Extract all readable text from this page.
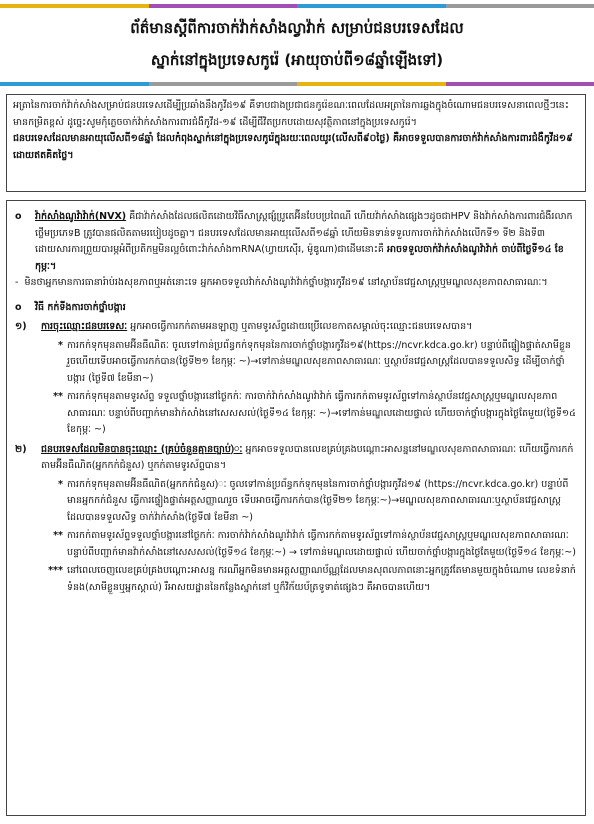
ព័ត៌មានស្តីពីការចាក់វ៉ាក់សាំងល្វាវ៉ាក់ សម្រាប់ជនបរទេសដែល
ស្នាក់នៅក្នុងប្រទេសកូរ៉េ (អាយុចាប់ពី១៨ឆ្នាំឡើងទៅ)
អត្រានៃការចាក់វ៉ាក់សាំងសម្រាប់ជនបរទេសដើម្បីប្រឆាំងនឹងកូវីដ១៩ គឺទាបជាងប្រជាជនកូរ៉េខណៈពេលដែលអត្រានៃការឆ្លងក្នុងចំណោមជនបរទេសនាពេលថ្មីៗនេះមានកម្រិតខ្ពស់ ដូច្នេះសូមកុំភ្លេចចាក់វ៉ាក់សាំងការពារជំងឺកូវីដ-១៩ ដើម្បីជីវិតប្រកបដោយសុវត្ថិភាពនៅក្នុងប្រទេសកូរ៉េ។
ជនបរទេសដែលមានអាយុលើសពី១៨ឆ្នាំ ដែលកំពុងស្នាក់នៅក្នុងប្រទេសកូរ៉េក្នុងរយៈពេលយូរ(លើសពី៩០ថ្ងៃ) គឺអាចទទួលបានការចាក់វ៉ាក់សាំងការពារជំងឺកូវីដ១៩ ដោយឥតគិតថ្លៃ។
o	វ៉ាក់សាំងណូវ៉ាវ៉ាក់(NVX) គឺជាវ៉ាក់សាំងដែលផលិតដោយវិធីសាស្ត្រផ្សំប្រូតេអ៊ីនបែបប្រពៃណី ហើយវ៉ាក់សាំងផ្សេងៗដូចជាHPV និងវ៉ាក់សាំងការពារជំងឺរលាកថ្លើមប្រភេទB ត្រូវបានផលិតតាមរបៀបដូចគ្នា។ ជនបរទេសដែលមានអាយុលើសពី១៨ឆ្នាំ ហើយមិនទាន់ទទួលការចាក់វ៉ាក់សាំងលើកទី១ ទី២ និងទី៣ ដោយសារការព្រួយបារម្ភអំពីប្រតិកម្មមិនល្អចំពោះវ៉ាក់សាំងmRNA(ហ្វាយស៊ើរ, ម៉ូឌូណា)ជាដើមនោះគឺ អាចទទួលចាក់វ៉ាក់សាំងណូវ៉ាវ៉ាក់ ចាប់ពីថ្ងៃទី១៤ ខែកុម្ភៈ។
- មិនថាអ្នកមានការធានារ៉ាប់រងសុខភាពឬអត់នោះទេ អ្នកអាចទទួលវ៉ាក់សាំងណូវ៉ាវ៉ាក់ថ្នាំបង្ការកូវីដ១៩ នៅស្ថាប័នវេជ្ជសាស្ត្រឬមណ្ឌលសុខភាពសាធារណៈ។
o	វិធី កក់ទីងការចាក់ថ្នាំបង្ការ
១)	ការចុះឈ្មោះជនបរទេសៈ អ្នកអាចធ្វើការកក់តាមអនឡាញ ឬតាមទូរស័ព្ទដោយប្រើលេខកាតសម្គាល់ចុះឈ្មោះជនបរទេសបាន។
* ការកក់ទុកមុនតាមអ៊ីនធឺណិតៈ ចូលទៅកាន់ប្រព័ន្ធកក់ទុកមុននៃការចាក់ថ្នាំបង្ការកូវីដ១៩(https://ncvr.kdca.go.kr) បន្ទាប់ពីផ្ទៀងផ្ទាត់សាមីខ្លួនរួចហើយទើបអាចធ្វើការកក់បាន(ថ្ងៃទី២១ ខែកុម្ភៈ ~)→ទៅកាន់មណ្ឌលសុខភាពសាធារណៈ ឬស្ថាប័នវេជ្ជសាស្ត្រដែលបានទទួលសិទ្ធ ដើម្បីចាក់ថ្នាំបង្ការ (ថ្ងៃទី៧ ខែមីនា~)
** ការកក់ទុកមុនតាមទូរស័ព្ទ ទទួលថ្នាំបង្ការនៅថ្ងៃកក់ៈ ការចាក់វ៉ាក់សាំងណូវ៉ាវ៉ាក់ ធ្វើការកក់តាមទូរស័ព្ទទៅកាន់ស្ថាប័នវេជ្ជសាស្ត្រឬមណ្ឌលសុខភាពសាធារណៈ បន្ទាប់ពីបញ្ជាក់មានវ៉ាក់សាំងនៅសេសសល់(ថ្ងៃទី១៤ ខែកុម្ភៈ ~)→ទៅកាន់មណ្ឌលដោយផ្ទាល់ ហើយចាក់ថ្នាំបង្ការក្នុងថ្ងៃតែមួយ(ថ្ងៃទី១៤ ខែកុម្ភៈ ~)
២)	ជនបរទេសដែលមិនបានចុះឈ្មោះ (គ្រប់ចំនួនគ្មានច្បាប់)ៈ អ្នកអាចទទួលបានលេខគ្រប់គ្រងបណ្តោះអាសន្ននៅមណ្ឌលសុខភាពសាធារណៈ ហើយធ្វើការកក់តាមអ៊ីនធឺណិត(អ្នកកក់ជំនួស) ឬកក់តាមទូរស័ព្ទបាន។
* ការកក់ទុកមុនតាមអ៊ីនធឺណិត(អ្នកកក់ជំនួស)ៈ ចូលទៅកាន់ប្រព័ន្ធកក់ទុកមុននៃការចាក់ថ្នាំបង្ការកូវីដ១៩ (https://ncvr.kdca.go.kr) បន្ទាប់ពីមានអ្នកកក់ជំនួស ធ្វើការផ្ទៀងផ្ទាត់អត្តសញ្ញាណរួច ទើបអាចធ្វើការកក់បាន(ថ្ងៃទី២១ ខែកុម្ភៈ~)→មណ្ឌលសុខភាពសាធារណៈឬស្ថាប័នវេជ្ជសាស្ត្រដែលបានទទួលសិទ្ធ ចាក់វ៉ាក់សាំង(ថ្ងៃទី៧ ខែមីនា ~)
** ការកក់តាមទូរស័ព្ទទទួលថ្នាំបង្ការនៅថ្ងៃកក់ៈ ការចាក់វ៉ាក់សាំងណូវ៉ាវ៉ាក់ ធ្វើការកក់តាមទូរស័ព្ទទៅកាន់ស្ថាប័នវេជ្ជសាស្ត្រឬមណ្ឌលសុខភាពសាធារណៈ បន្ទាប់ពីបញ្ជាក់មានវ៉ាក់សាំងនៅសេសសល់(ថ្ងៃទី១៤ ខែកុម្ភៈ~) → ទៅកាន់មណ្ឌលដោយផ្ទាល់ ហើយចាក់ថ្នាំបង្ការក្នុងថ្ងៃតែមួយ(ថ្ងៃទី១៤ ខែកុម្ភៈ~)
*** នៅពេលចេញលេខគ្រប់គ្រងបណ្តោះអាសន្ន ករណីអ្នកមិនមានអត្តសញ្ញាណប័ណ្ណដែលមានសុពលភាពនោះអ្នកត្រូវតែមានមួយក្នុងចំណោម លេខទំនាក់ទំនង(សាមីខ្លួនឬអ្នកស្គាល់) រឺអាសយដ្ឋាននៃកន្លែងស្នាក់នៅ ឬក៏វិក័យប័ត្រទូទាត់ផ្សេងៗ គឺអាចបានហើយ។
